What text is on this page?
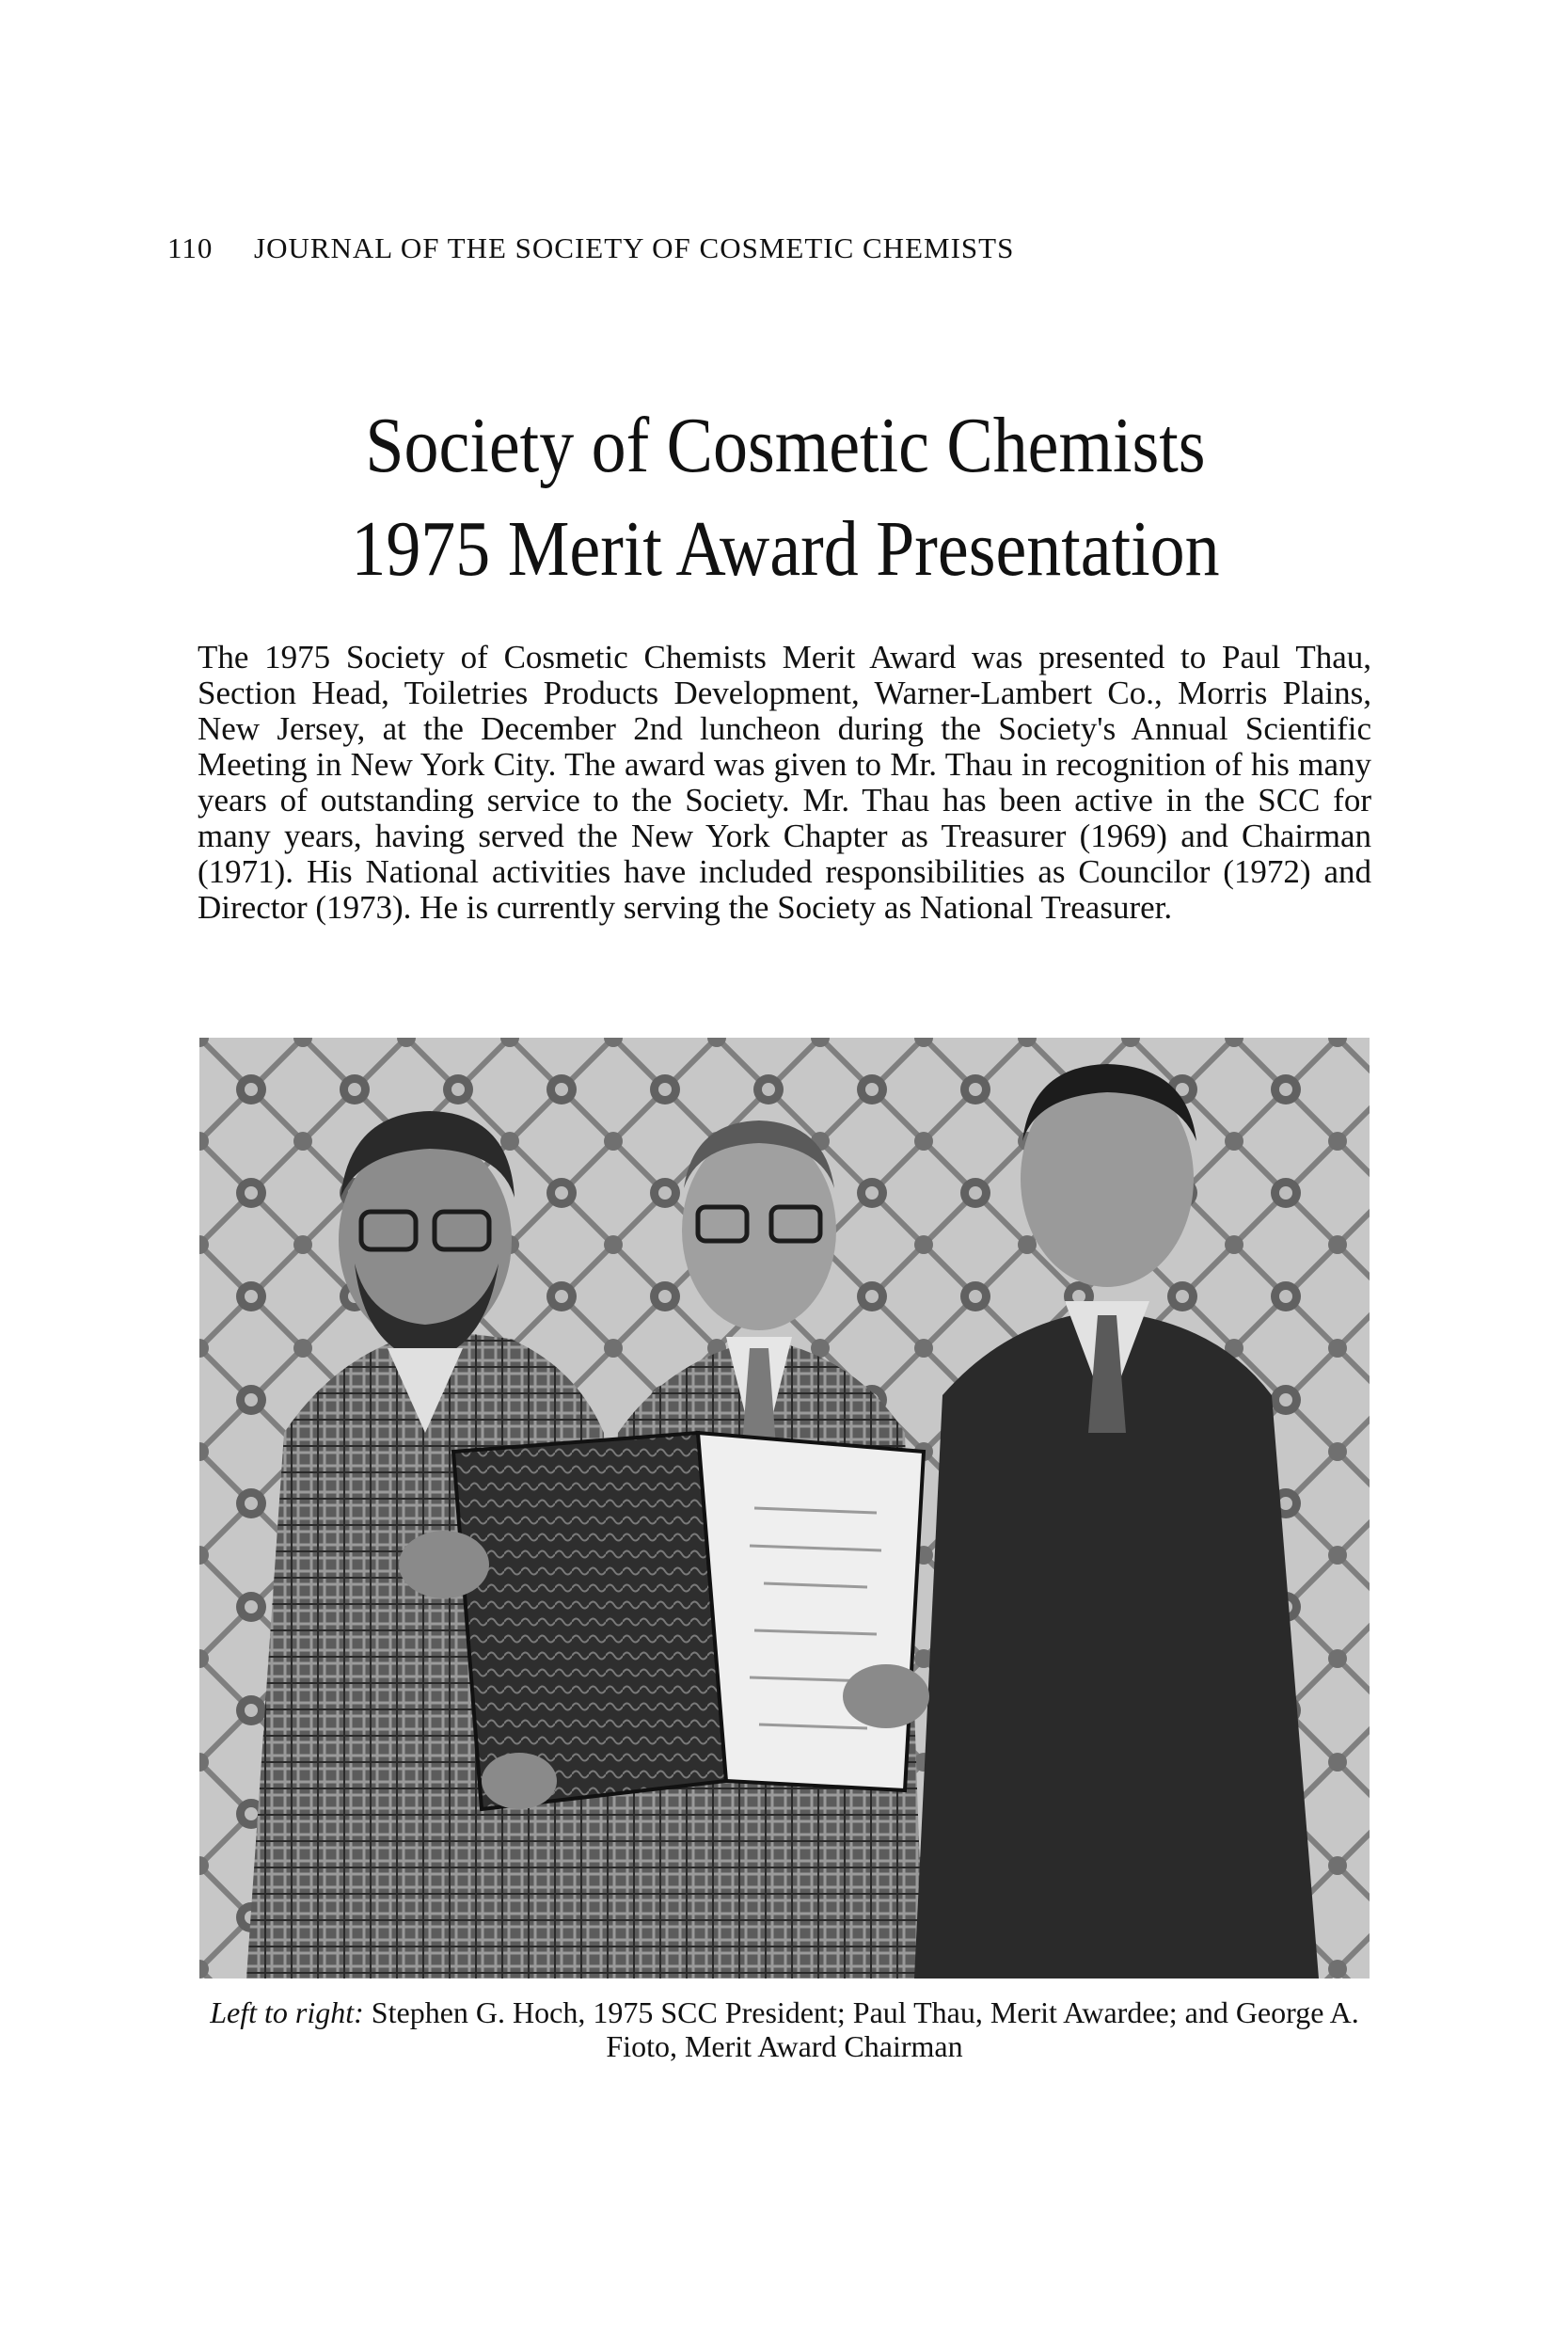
110 JOURNAL OF THE SOCIETY OF COSMETIC CHEMISTS
Society of Cosmetic Chemists
1975 Merit Award Presentation
The 1975 Society of Cosmetic Chemists Merit Award was presented to Paul Thau, Section Head, Toiletries Products Development, Warner-Lambert Co., Morris Plains, New Jersey, at the December 2nd luncheon during the Society's Annual Scientific Meeting in New York City. The award was given to Mr. Thau in recognition of his many years of outstanding service to the Society. Mr. Thau has been active in the SCC for many years, having served the New York Chapter as Treasurer (1969) and Chairman (1971). His National activities have included responsibilities as Councilor (1972) and Director (1973). He is currently serving the Society as National Treasurer.
Left to right: Stephen G. Hoch, 1975 SCC President; Paul Thau, Merit Awardee; and George A. Fioto, Merit Award Chairman
